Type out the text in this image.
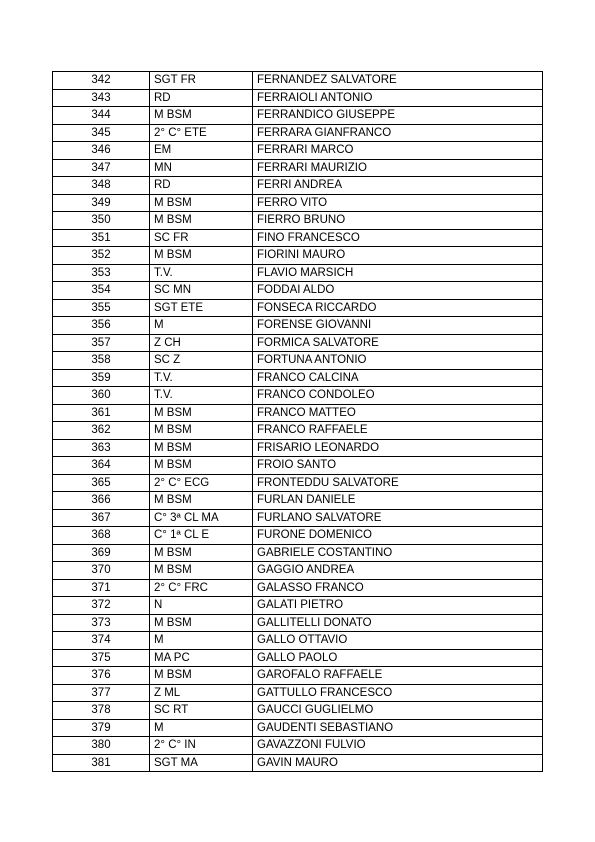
342	SGT FR	FERNANDEZ SALVATORE
343	RD	FERRAIOLI ANTONIO
344	M BSM	FERRANDICO GIUSEPPE
345	2° C° ETE	FERRARA GIANFRANCO
346	EM	FERRARI MARCO
347	MN	FERRARI MAURIZIO
348	RD	FERRI ANDREA
349	M BSM	FERRO VITO
350	M BSM	FIERRO BRUNO
351	SC FR	FINO FRANCESCO
352	M BSM	FIORINI MAURO
353	T.V.	FLAVIO MARSICH
354	SC MN	FODDAI ALDO
355	SGT ETE	FONSECA RICCARDO
356	M	FORENSE GIOVANNI
357	Z CH	FORMICA SALVATORE
358	SC Z	FORTUNA ANTONIO
359	T.V.	FRANCO CALCINA
360	T.V.	FRANCO CONDOLEO
361	M BSM	FRANCO MATTEO
362	M BSM	FRANCO RAFFAELE
363	M BSM	FRISARIO LEONARDO
364	M BSM	FROIO SANTO
365	2° C° ECG	FRONTEDDU SALVATORE
366	M BSM	FURLAN DANIELE
367	C° 3ª CL MA	FURLANO SALVATORE
368	C° 1ª CL E	FURONE DOMENICO
369	M BSM	GABRIELE COSTANTINO
370	M BSM	GAGGIO ANDREA
371	2° C° FRC	GALASSO FRANCO
372	N	GALATI PIETRO
373	M BSM	GALLITELLI DONATO
374	M	GALLO OTTAVIO
375	MA PC	GALLO PAOLO
376	M BSM	GAROFALO RAFFAELE
377	Z ML	GATTULLO FRANCESCO
378	SC RT	GAUCCI GUGLIELMO
379	M	GAUDENTI SEBASTIANO
380	2° C° IN	GAVAZZONI FULVIO
381	SGT MA	GAVIN MAURO
